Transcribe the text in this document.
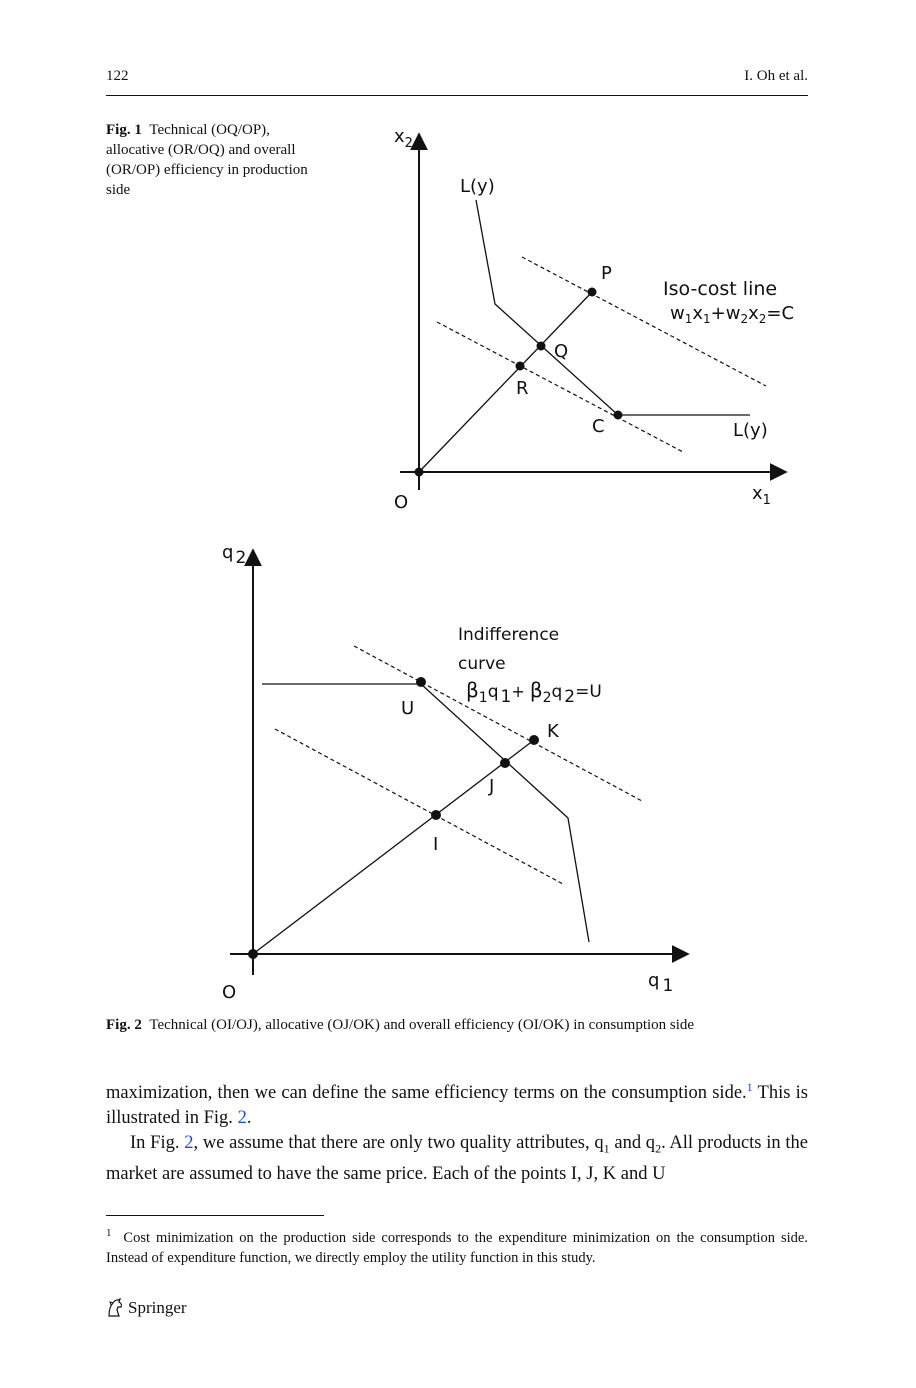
122	I. Oh et al.
Fig. 1 Technical (OQ/OP), allocative (OR/OQ) and overall (OR/OP) efficiency in production side
$x_2$
$x_1$
O
L(y)
L(y)
P
Q
R
C
Iso-cost line
$w_1x_1+w_2x_2=C$
q 2
q 1
O
U
K
J
I
Indifference
curve
$\beta_1^q$ $_1$+ $\beta_2^q$ $_2^{=U}$
Fig. 2 Technical (OI/OJ), allocative (OJ/OK) and overall efficiency (OI/OK) in consumption side

maximization, then we can define the same efficiency terms on the consumption side.$^1$ This is illustrated in Fig. 2.

In Fig. 2, we assume that there are only two quality attributes, $q_1$ and $q_2$. All products in the market are assumed to have the same price. Each of the points I, J, K and U

$^1$ Cost minimization on the production side corresponds to the expenditure minimization on the consumption side. Instead of expenditure function, we directly employ the utility function in this study.
Springer
